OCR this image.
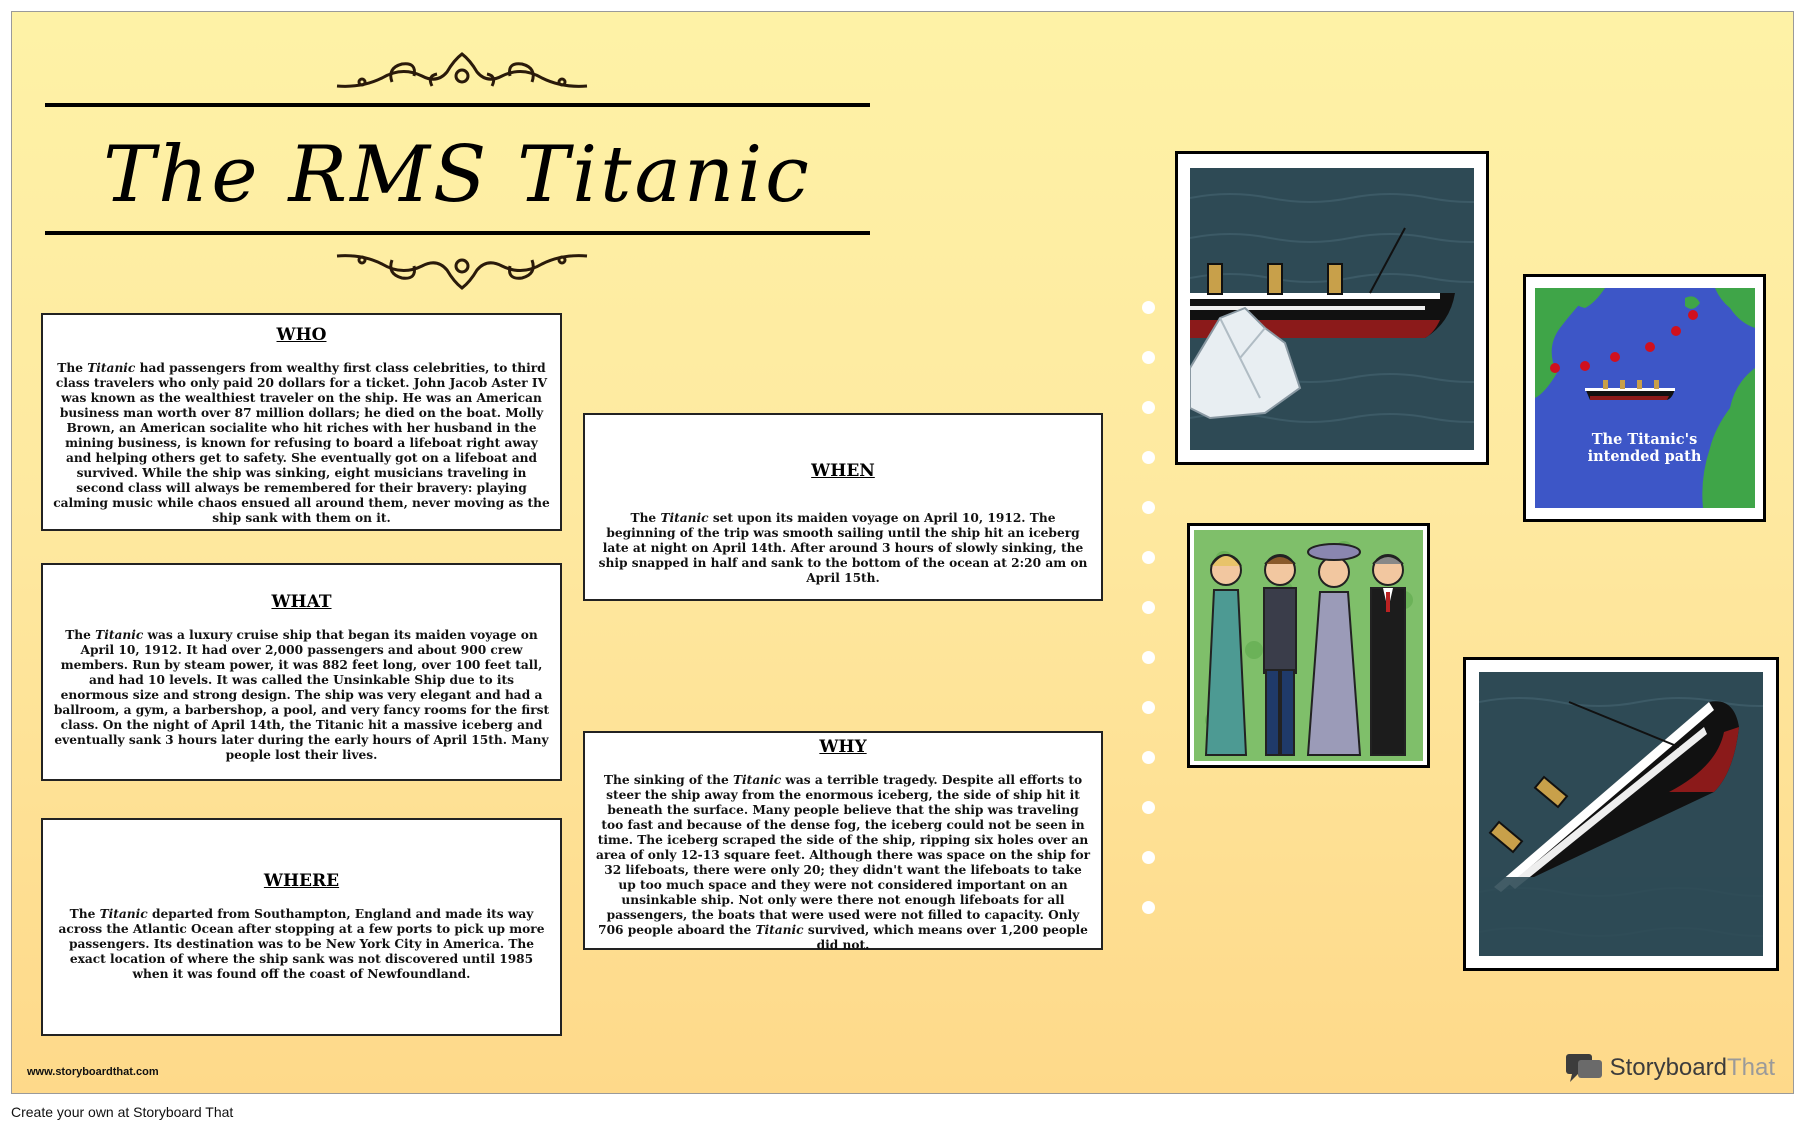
The RMS Titanic
WHO

The Titanic had passengers from wealthy first class celebrities, to third class travelers who only paid 20 dollars for a ticket. John Jacob Aster IV was known as the wealthiest traveler on the ship. He was an American business man worth over 87 million dollars; he died on the boat. Molly Brown, an American socialite who hit riches with her husband in the mining business, is known for refusing to board a lifeboat right away and helping others get to safety. She eventually got on a lifeboat and survived. While the ship was sinking, eight musicians traveling in second class will always be remembered for their bravery: playing calming music while chaos ensued all around them, never moving as the ship sank with them on it.

WHAT

The Titanic was a luxury cruise ship that began its maiden voyage on April 10, 1912. It had over 2,000 passengers and about 900 crew members. Run by steam power, it was 882 feet long, over 100 feet tall, and had 10 levels. It was called the Unsinkable Ship due to its enormous size and strong design. The ship was very elegant and had a ballroom, a gym, a barbershop, a pool, and very fancy rooms for the first class. On the night of April 14th, the Titanic hit a massive iceberg and eventually sank 3 hours later during the early hours of April 15th. Many people lost their lives.

WHERE

The Titanic departed from Southampton, England and made its way across the Atlantic Ocean after stopping at a few ports to pick up more passengers. Its destination was to be New York City in America. The exact location of where the ship sank was not discovered until 1985 when it was found off the coast of Newfoundland.

WHEN

The Titanic set upon its maiden voyage on April 10, 1912. The beginning of the trip was smooth sailing until the ship hit an iceberg late at night on April 14th. After around 3 hours of slowly sinking, the ship snapped in half and sank to the bottom of the ocean at 2:20 am on April 15th.

WHY

The sinking of the Titanic was a terrible tragedy. Despite all efforts to steer the ship away from the enormous iceberg, the side of ship hit it beneath the surface. Many people believe that the ship was traveling too fast and because of the dense fog, the iceberg could not be seen in time. The iceberg scraped the side of the ship, ripping six holes over an area of only 12-13 square feet. Although there was space on the ship for 32 lifeboats, there were only 20; they didn't want the lifeboats to take up too much space and they were not considered important on an unsinkable ship. Not only were there not enough lifeboats for all passengers, the boats that were used were not filled to capacity. Only 706 people aboard the Titanic survived, which means over 1,200 people did not.

The Titanic's
intended path
www.storyboardthat.com	Storyboard That
Create your own at Storyboard That
